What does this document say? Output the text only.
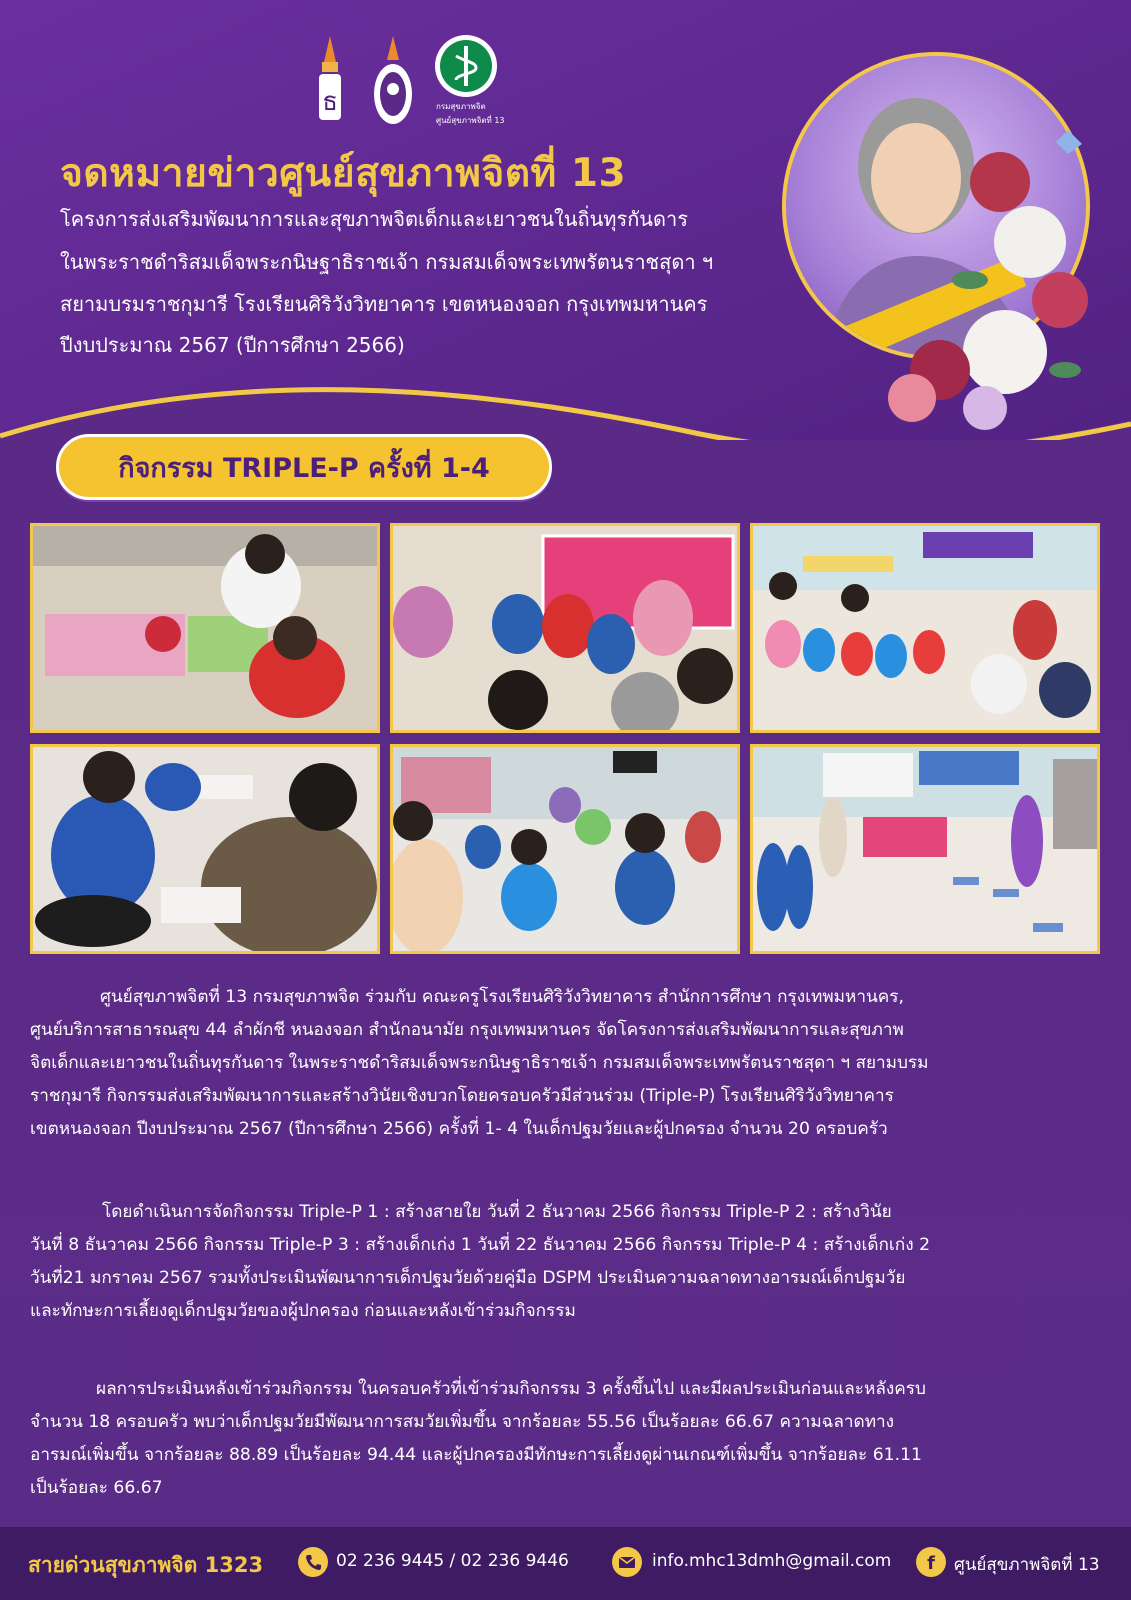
ธ	กรมสุขภาพจิต
ศูนย์สุขภาพจิตที่ 13
จดหมายข่าวศูนย์สุขภาพจิตที่ 13

โครงการส่งเสริมพัฒนาการและสุขภาพจิตเด็กและเยาวชนในถิ่นทุรกันดาร

ในพระราชดำริสมเด็จพระกนิษฐาธิราชเจ้า กรมสมเด็จพระเทพรัตนราชสุดา ฯ

สยามบรมราชกุมารี โรงเรียนศิริวังวิทยาคาร เขตหนองจอก กรุงเทพมหานคร

ปีงบประมาณ 2567 (ปีการศึกษา 2566)

กิจกรรม TRIPLE-P ครั้งที่ 1-4

ศูนย์สุขภาพจิตที่ 13 กรมสุขภาพจิต ร่วมกับ คณะครูโรงเรียนศิริวังวิทยาคาร สำนักการศึกษา กรุงเทพมหานคร,
ศูนย์บริการสาธารณสุข 44 ลำผักชี หนองจอก สำนักอนามัย กรุงเทพมหานคร จัดโครงการส่งเสริมพัฒนาการและสุขภาพ
จิตเด็กและเยาวชนในถิ่นทุรกันดาร ในพระราชดำริสมเด็จพระกนิษฐาธิราชเจ้า กรมสมเด็จพระเทพรัตนราชสุดา ฯ สยามบรม
ราชกุมารี กิจกรรมส่งเสริมพัฒนาการและสร้างวินัยเชิงบวกโดยครอบครัวมีส่วนร่วม (Triple-P) โรงเรียนศิริวังวิทยาคาร
เขตหนองจอก ปีงบประมาณ 2567 (ปีการศึกษา 2566) ครั้งที่ 1- 4 ในเด็กปฐมวัยและผู้ปกครอง จำนวน 20 ครอบครัว

โดยดำเนินการจัดกิจกรรม Triple-P 1 : สร้างสายใย วันที่ 2 ธันวาคม 2566 กิจกรรม Triple-P 2 : สร้างวินัย
วันที่ 8 ธันวาคม 2566 กิจกรรม Triple-P 3 : สร้างเด็กเก่ง 1 วันที่ 22 ธันวาคม 2566 กิจกรรม Triple-P 4 : สร้างเด็กเก่ง 2
วันที่21 มกราคม 2567 รวมทั้งประเมินพัฒนาการเด็กปฐมวัยด้วยคู่มือ DSPM ประเมินความฉลาดทางอารมณ์เด็กปฐมวัย
และทักษะการเลี้ยงดูเด็กปฐมวัยของผู้ปกครอง ก่อนและหลังเข้าร่วมกิจกรรม

ผลการประเมินหลังเข้าร่วมกิจกรรม ในครอบครัวที่เข้าร่วมกิจกรรม 3 ครั้งขึ้นไป และมีผลประเมินก่อนและหลังครบ
จำนวน 18 ครอบครัว พบว่าเด็กปฐมวัยมีพัฒนาการสมวัยเพิ่มขึ้น จากร้อยละ 55.56 เป็นร้อยละ 66.67 ความฉลาดทาง
อารมณ์เพิ่มขึ้น จากร้อยละ 88.89 เป็นร้อยละ 94.44 และผู้ปกครองมีทักษะการเลี้ยงดูผ่านเกณฑ์เพิ่มขึ้น จากร้อยละ 61.11
เป็นร้อยละ 66.67

สายด่วนสุขภาพจิต 1323	02 236 9445 / 02 236 9446	info.mhc13dmh@gmail.com f ศูนย์สุขภาพจิตที่ 13
